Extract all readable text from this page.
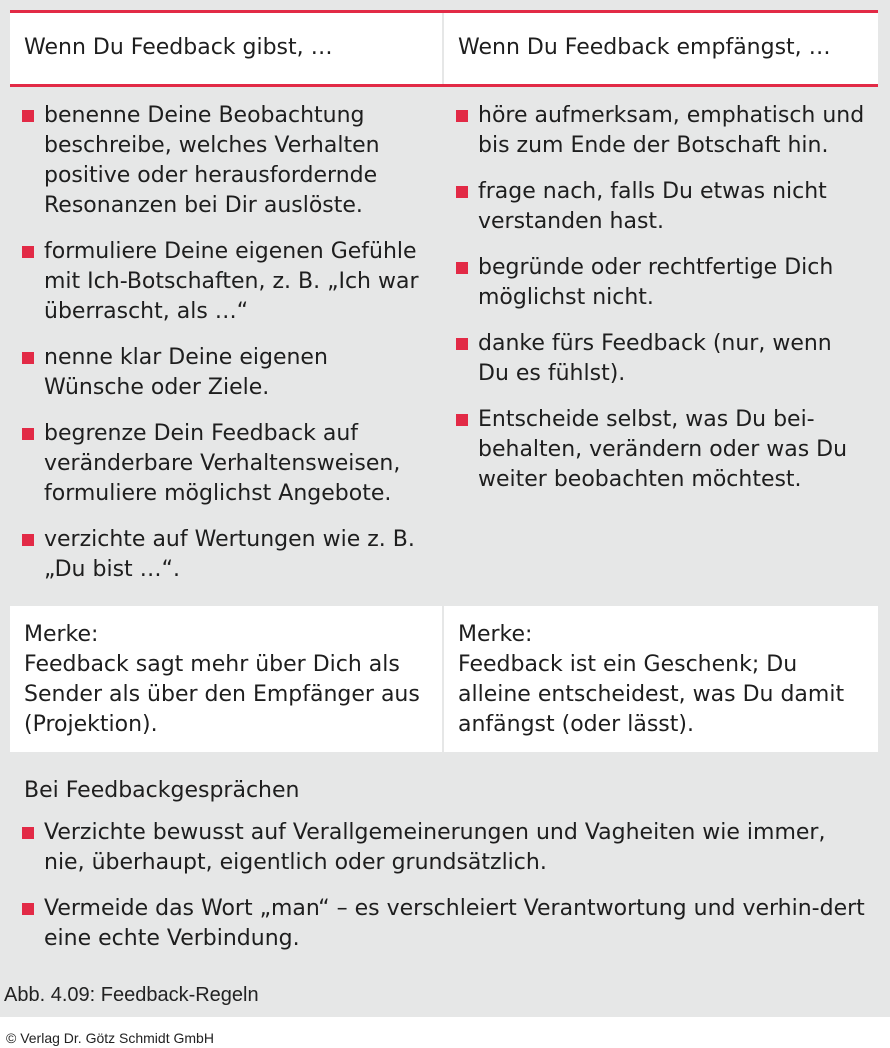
Wenn Du Feedback gibst, …	Wenn Du Feedback empfängst, …
benenne Deine Beobachtung beschreibe, welches Verhalten positive oder herausfordernde Resonanzen bei Dir auslöste.
formuliere Deine eigenen Gefühle mit Ich-Botschaften, z. B. „Ich war überrascht, als …“
nenne klar Deine eigenen Wünsche oder Ziele.
begrenze Dein Feedback auf veränderbare Verhaltensweisen, formuliere möglichst Angebote.
verzichte auf Wertungen wie z. B. „Du bist …“.
höre aufmerksam, emphatisch und bis zum Ende der Botschaft hin.
frage nach, falls Du etwas nicht verstanden hast.
begründe oder rechtfertige Dich möglichst nicht.
danke fürs Feedback (nur, wenn Du es fühlst).
Entscheide selbst, was Du bei-behalten, verändern oder was Du weiter beobachten möchtest.
Merke:
Feedback sagt mehr über Dich als Sender als über den Empfänger aus (Projektion).
Merke:
Feedback ist ein Geschenk; Du alleine entscheidest, was Du damit anfängst (oder lässt).
Bei Feedbackgesprächen
Verzichte bewusst auf Verallgemeinerungen und Vagheiten wie immer, nie, überhaupt, eigentlich oder grundsätzlich.
Vermeide das Wort „man“ – es verschleiert Verantwortung und verhin-dert eine echte Verbindung.
Abb. 4.09: Feedback-Regeln
© Verlag Dr. Götz Schmidt GmbH
